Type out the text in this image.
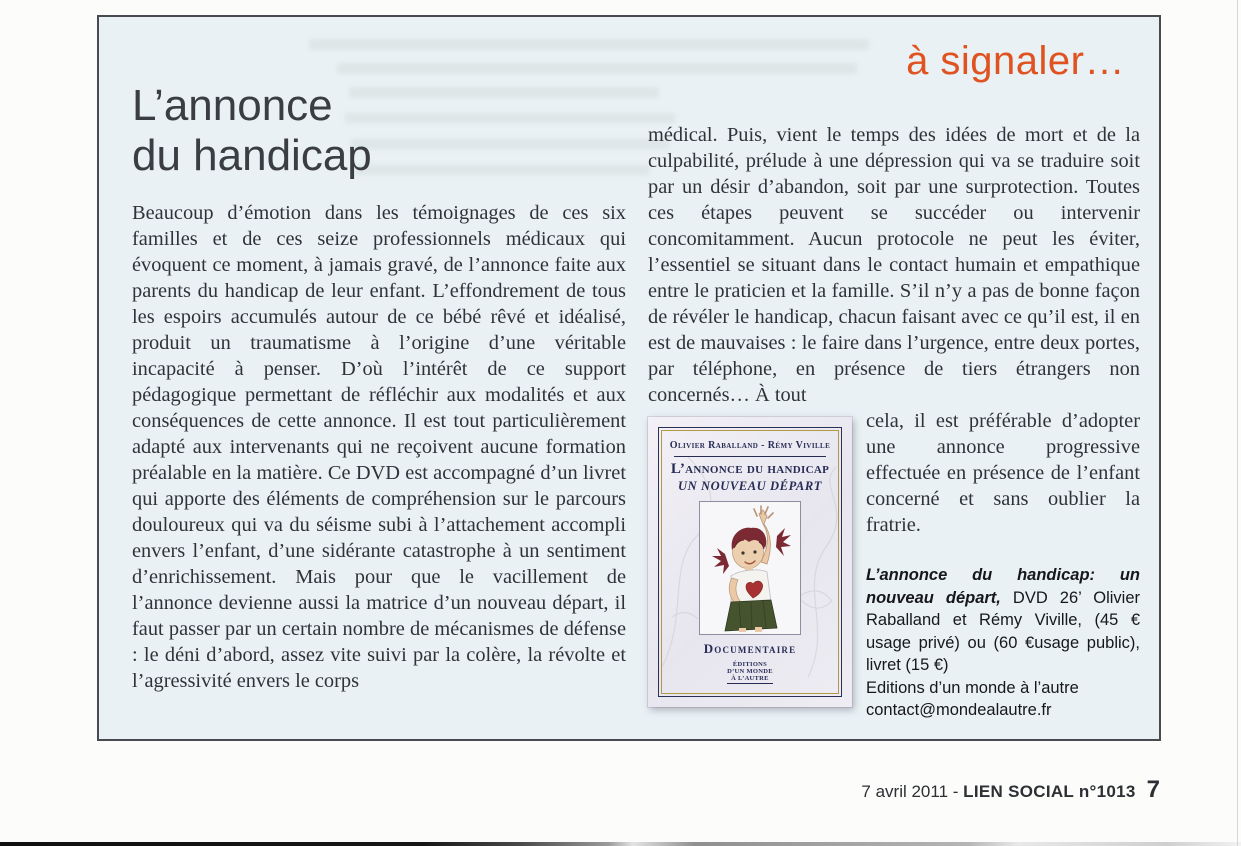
à signaler…
L’annonce
du handicap

Beaucoup d’émotion dans les témoignages de ces six familles et de ces seize professionnels médicaux qui évoquent ce moment, à jamais gravé, de l’annonce faite aux parents du handicap de leur enfant. L’effondrement de tous les espoirs accumulés autour de ce bébé rêvé et idéalisé, produit un traumatisme à l’origine d’une véritable incapacité à penser. D’où l’intérêt de ce support pédagogique permettant de réfléchir aux modalités et aux conséquences de cette annonce. Il est tout particulièrement adapté aux intervenants qui ne reçoivent aucune formation préalable en la matière. Ce DVD est accompagné d’un livret qui apporte des éléments de compréhension sur le parcours douloureux qui va du séisme subi à l’attachement accompli envers l’enfant, d’une sidérante catastrophe à un sentiment d’enrichissement. Mais pour que le vacillement de l’annonce devienne aussi la matrice d’un nouveau départ, il faut passer par un certain nombre de mécanismes de défense : le déni d’abord, assez vite suivi par la colère, la révolte et l’agressivité envers le corps

médical. Puis, vient le temps des idées de mort et de la culpabilité, prélude à une dépression qui va se traduire soit par un désir d’abandon, soit par une surprotection. Toutes ces étapes peuvent se succéder ou intervenir concomitamment. Aucun protocole ne peut les éviter, l’essentiel se situant dans le contact humain et empathique entre le praticien et la famille. S’il n’y a pas de bonne façon de révéler le handicap, chacun faisant avec ce qu’il est, il en est de mauvaises : le faire dans l’urgence, entre deux portes, par téléphone, en présence de tiers étrangers non concernés… À tout

Olivier Raballand - Rémy Viville
L’annonce du handicap
UN NOUVEAU DÉPART
Documentaire
ÉDITIONS
D’UN MONDE
À L’AUTRE

cela, il est préférable d’adopter une annonce progressive effectuée en présence de l’enfant concerné et sans oublier la fratrie.

L’annonce du handicap: un nouveau départ, DVD 26’ Olivier Raballand et Rémy Viville, (45 € usage privé) ou (60 €usage public), livret (15 €)
Editions d’un monde à l’autre
contact@mondealautre.fr
7 avril 2011 - LIEN SOCIAL n°1013 7
